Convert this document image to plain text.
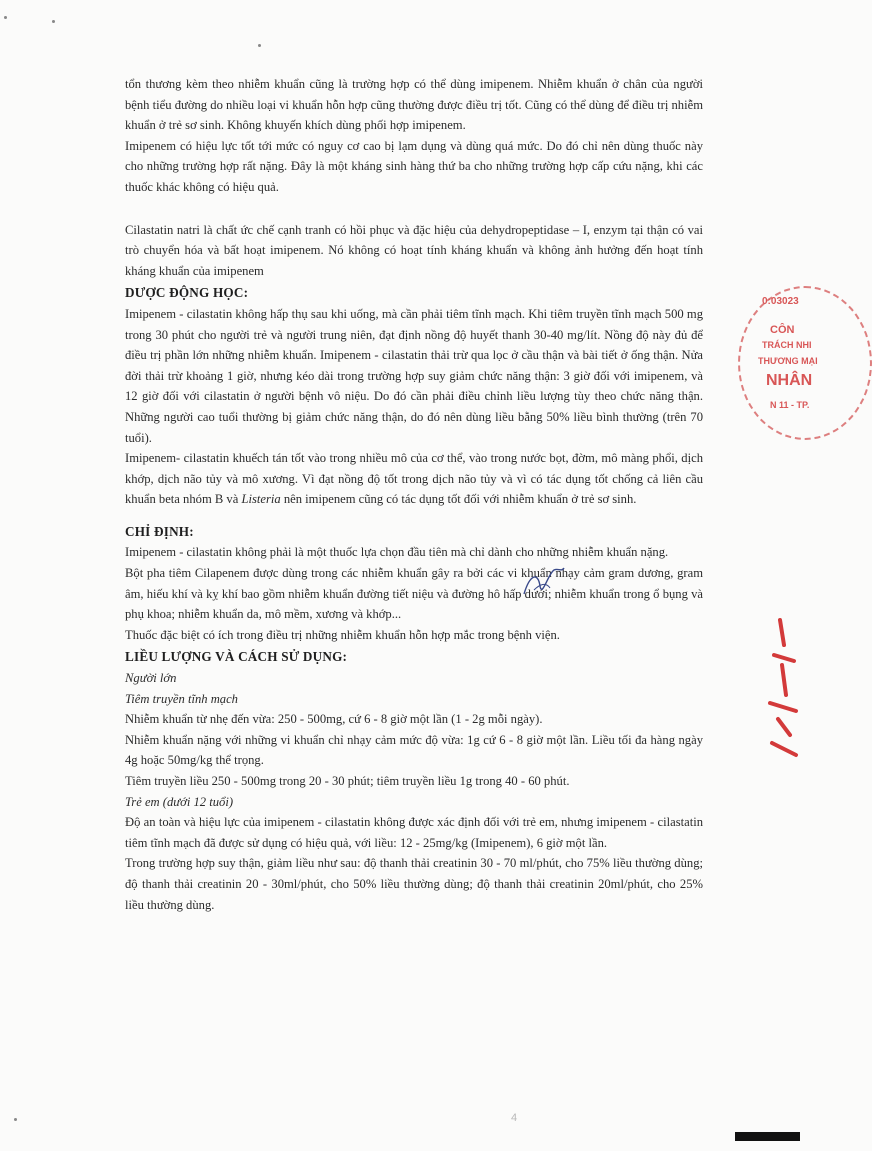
tổn thương kèm theo nhiễm khuẩn cũng là trường hợp có thể dùng imipenem. Nhiễm khuẩn ở chân của người bệnh tiểu đường do nhiều loại vi khuẩn hỗn hợp cũng thường được điều trị tốt. Cũng có thể dùng để điều trị nhiễm khuẩn ở trẻ sơ sinh. Không khuyến khích dùng phối hợp imipenem.

Imipenem có hiệu lực tốt tới mức có nguy cơ cao bị lạm dụng và dùng quá mức. Do đó chỉ nên dùng thuốc này cho những trường hợp rất nặng. Đây là một kháng sinh hàng thứ ba cho những trường hợp cấp cứu nặng, khi các thuốc khác không có hiệu quả.

Cilastatin natri là chất ức chế cạnh tranh có hồi phục và đặc hiệu của dehydropeptidase – I, enzym tại thận có vai trò chuyển hóa và bất hoạt imipenem. Nó không có hoạt tính kháng khuẩn và không ảnh hưởng đến hoạt tính kháng khuẩn của imipenem

DƯỢC ĐỘNG HỌC:

Imipenem - cilastatin không hấp thụ sau khi uống, mà cần phải tiêm tĩnh mạch. Khi tiêm truyền tĩnh mạch 500 mg trong 30 phút cho người trẻ và người trung niên, đạt định nồng độ huyết thanh 30-40 mg/lít. Nồng độ này đủ để điều trị phần lớn những nhiễm khuẩn. Imipenem - cilastatin thải trừ qua lọc ở cầu thận và bài tiết ở ống thận. Nửa đời thải trừ khoảng 1 giờ, nhưng kéo dài trong trường hợp suy giảm chức năng thận: 3 giờ đối với imipenem, và 12 giờ đối với cilastatin ở người bệnh vô niệu. Do đó cần phải điều chỉnh liều lượng tùy theo chức năng thận. Những người cao tuổi thường bị giảm chức năng thận, do đó nên dùng liều bằng 50% liều bình thường (trên 70 tuổi).

Imipenem- cilastatin khuếch tán tốt vào trong nhiều mô của cơ thể, vào trong nước bọt, đờm, mô màng phổi, dịch khớp, dịch não tủy và mô xương. Vì đạt nồng độ tốt trong dịch não tủy và vì có tác dụng tốt chống cả liên cầu khuẩn beta nhóm B và Listeria nên imipenem cũng có tác dụng tốt đối với nhiễm khuẩn ở trẻ sơ sinh.

CHỈ ĐỊNH:

Imipenem - cilastatin không phải là một thuốc lựa chọn đầu tiên mà chỉ dành cho những nhiễm khuẩn nặng.

Bột pha tiêm Cilapenem được dùng trong các nhiễm khuẩn gây ra bởi các vi khuẩn nhạy cảm gram dương, gram âm, hiếu khí và kỵ khí bao gồm nhiễm khuẩn đường tiết niệu và đường hô hấp dưới; nhiễm khuẩn trong ổ bụng và phụ khoa; nhiễm khuẩn da, mô mềm, xương và khớp...

Thuốc đặc biệt có ích trong điều trị những nhiễm khuẩn hỗn hợp mắc trong bệnh viện.

LIỀU LƯỢNG VÀ CÁCH SỬ DỤNG:

Người lớn

Tiêm truyền tĩnh mạch

Nhiễm khuẩn từ nhẹ đến vừa: 250 - 500mg, cứ 6 - 8 giờ một lần (1 - 2g mỗi ngày).

Nhiễm khuẩn nặng với những vi khuẩn chỉ nhạy cảm mức độ vừa: 1g cứ 6 - 8 giờ một lần. Liều tối đa hàng ngày 4g hoặc 50mg/kg thể trọng.

Tiêm truyền liều 250 - 500mg trong 20 - 30 phút; tiêm truyền liều 1g trong 40 - 60 phút.

Trẻ em (dưới 12 tuổi)

Độ an toàn và hiệu lực của imipenem - cilastatin không được xác định đối với trẻ em, nhưng imipenem - cilastatin tiêm tĩnh mạch đã được sử dụng có hiệu quả, với liều: 12 - 25mg/kg (Imipenem), 6 giờ một lần.

Trong trường hợp suy thận, giảm liều như sau: độ thanh thải creatinin 30 - 70 ml/phút, cho 75% liều thường dùng; độ thanh thải creatinin 20 - 30ml/phút, cho 50% liều thường dùng; độ thanh thải creatinin 20ml/phút, cho 25% liều thường dùng.

0:03023
CÔN
TRÁCH NHI
THƯƠNG MẠI
NHÂN
N 11 - TP.
4
